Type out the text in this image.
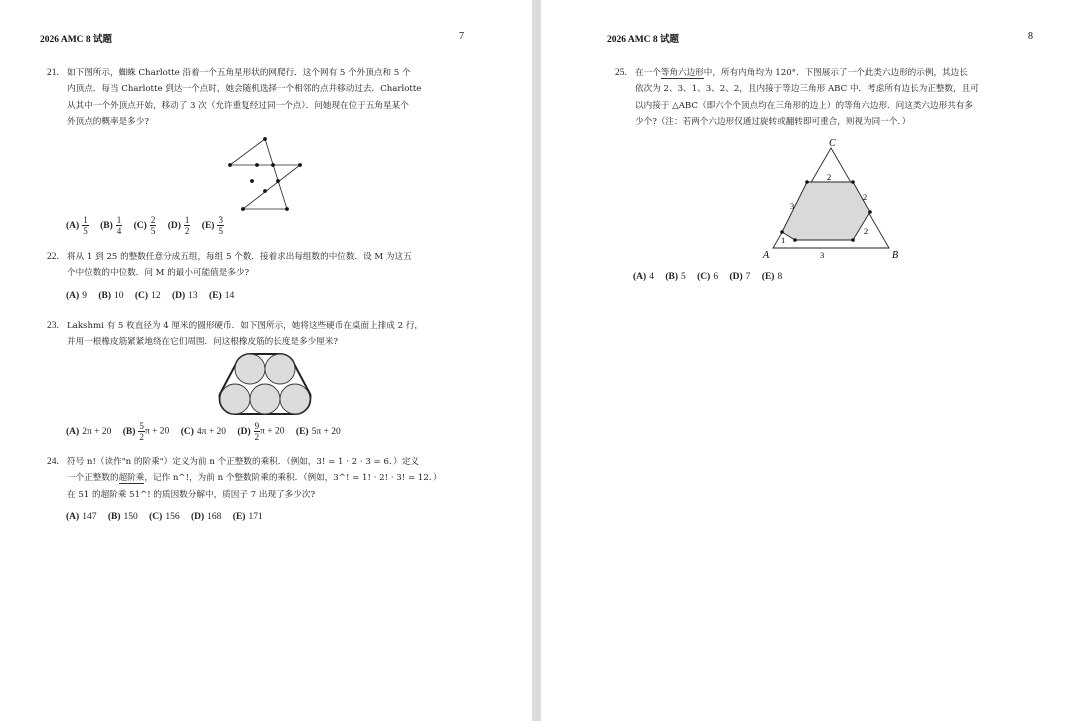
2026 AMC 8 试题	7
21. 如下图所示，蜘蛛 Charlotte 沿着一个五角星形状的网爬行．这个网有 5 个外顶点和 5 个
内顶点．每当 Charlotte 到达一个点时，她会随机选择一个相邻的点并移动过去．Charlotte
从其中一个外顶点开始，移动了 3 次（允许重复经过同一个点）．问她现在位于五角星某个
外顶点的概率是多少?
$(A) \frac{1}{5} (B) \frac{1}{4} (C) \frac{2}{5} (D) \frac{1}{2} (E) \frac{3}{5}$
22. 将从 1 到 25 的整数任意分成五组，每组 5 个数．接着求出每组数的中位数．设 M 为这五
个中位数的中位数．问 M 的最小可能值是多少?
(A) 9 (B) 10 (C) 12 (D) 13 (E) 14
23. Lakshmi 有 5 枚直径为 4 厘米的圆形硬币．如下图所示，她将这些硬币在桌面上排成 2 行，
并用一根橡皮筋紧紧地绕在它们周围．问这根橡皮筋的长度是多少厘米?
(A) 2π + 20 $(B) \frac{5}{2}$ π + 20 (C) 4π + 20 $(D) \frac{9}{2}$ π + 20 (E) 5π + 20
24. 符号 n!（读作"n 的阶乘"）定义为前 n 个正整数的乘积．（例如，3! = 1 · 2 · 3 = 6．）定义
一个正整数的超阶乘，记作 n^!，为前 n 个整数阶乘的乘积．（例如，3^! = 1! · 2! · 3! = 12．）
在 51 的超阶乘 51^! 的质因数分解中，质因子 7 出现了多少次?
(A) 147 (B) 150 (C) 156 (D) 168 (E) 171
2026 AMC 8 试题	8
25. 在一个等角六边形中，所有内角均为 120°．下图展示了一个此类六边形的示例，其边长
依次为 2、3、1、3、2、2，且内接于等边三角形 ABC 中．考虑所有边长为正整数，且可
以内接于 △ABC（即六个个顶点均在三角形的边上）的等角六边形．问这类六边形共有多
少个?（注：若两个六边形仅通过旋转或翻转即可重合，则视为同一个．）
C
A	B
2
3
1
3
2
2
(A) 4 (B) 5 (C) 6 (D) 7 (E) 8
